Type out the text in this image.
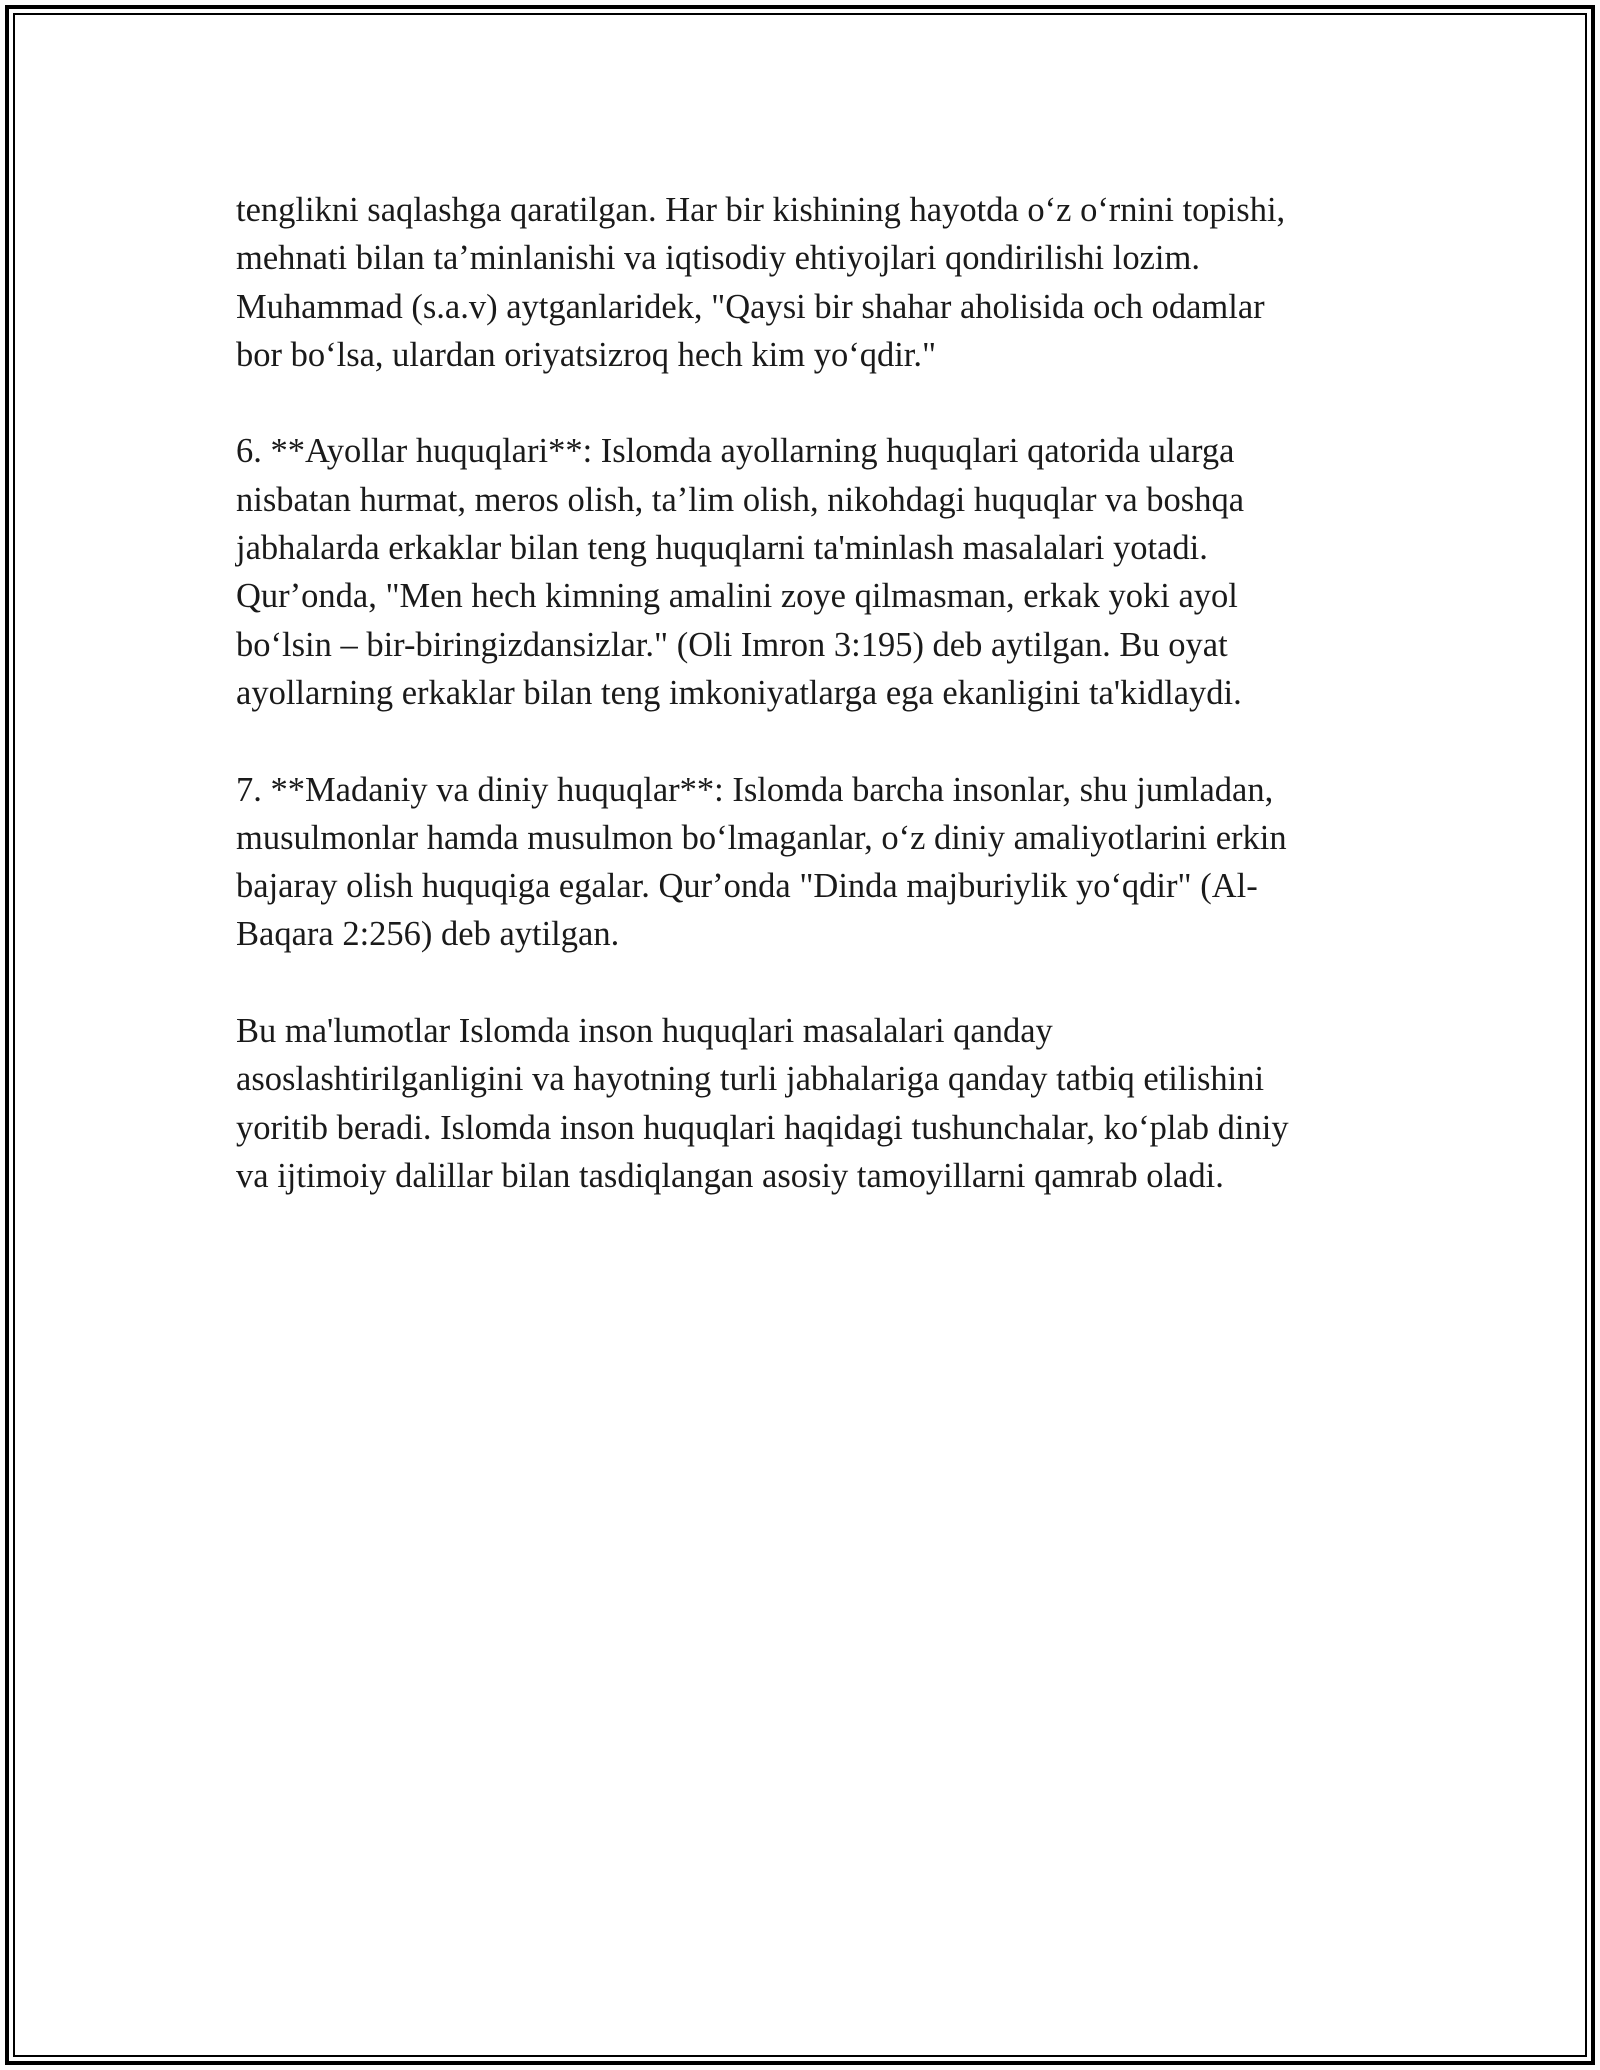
tenglikni saqlashga qaratilgan. Har bir kishining hayotda oʻz oʻrnini topishi,
mehnati bilan taʼminlanishi va iqtisodiy ehtiyojlari qondirilishi lozim.
Muhammad (s.a.v) aytganlaridek, "Qaysi bir shahar aholisida och odamlar
bor boʻlsa, ulardan oriyatsizroq hech kim yoʻqdir."

6. **Ayollar huquqlari**: Islomda ayollarning huquqlari qatorida ularga
nisbatan hurmat, meros olish, taʼlim olish, nikohdagi huquqlar va boshqa
jabhalarda erkaklar bilan teng huquqlarni ta'minlash masalalari yotadi.
Qurʼonda, "Men hech kimning amalini zoye qilmasman, erkak yoki ayol
boʻlsin – bir-biringizdansizlar." (Oli Imron 3:195) deb aytilgan. Bu oyat
ayollarning erkaklar bilan teng imkoniyatlarga ega ekanligini ta'kidlaydi.

7. **Madaniy va diniy huquqlar**: Islomda barcha insonlar, shu jumladan,
musulmonlar hamda musulmon boʻlmaganlar, oʻz diniy amaliyotlarini erkin
bajaray olish huquqiga egalar. Qurʼonda "Dinda majburiylik yoʻqdir" (Al-
Baqara 2:256) deb aytilgan.

Bu ma'lumotlar Islomda inson huquqlari masalalari qanday
asoslashtirilganligini va hayotning turli jabhalariga qanday tatbiq etilishini
yoritib beradi. Islomda inson huquqlari haqidagi tushunchalar, koʻplab diniy
va ijtimoiy dalillar bilan tasdiqlangan asosiy tamoyillarni qamrab oladi.
